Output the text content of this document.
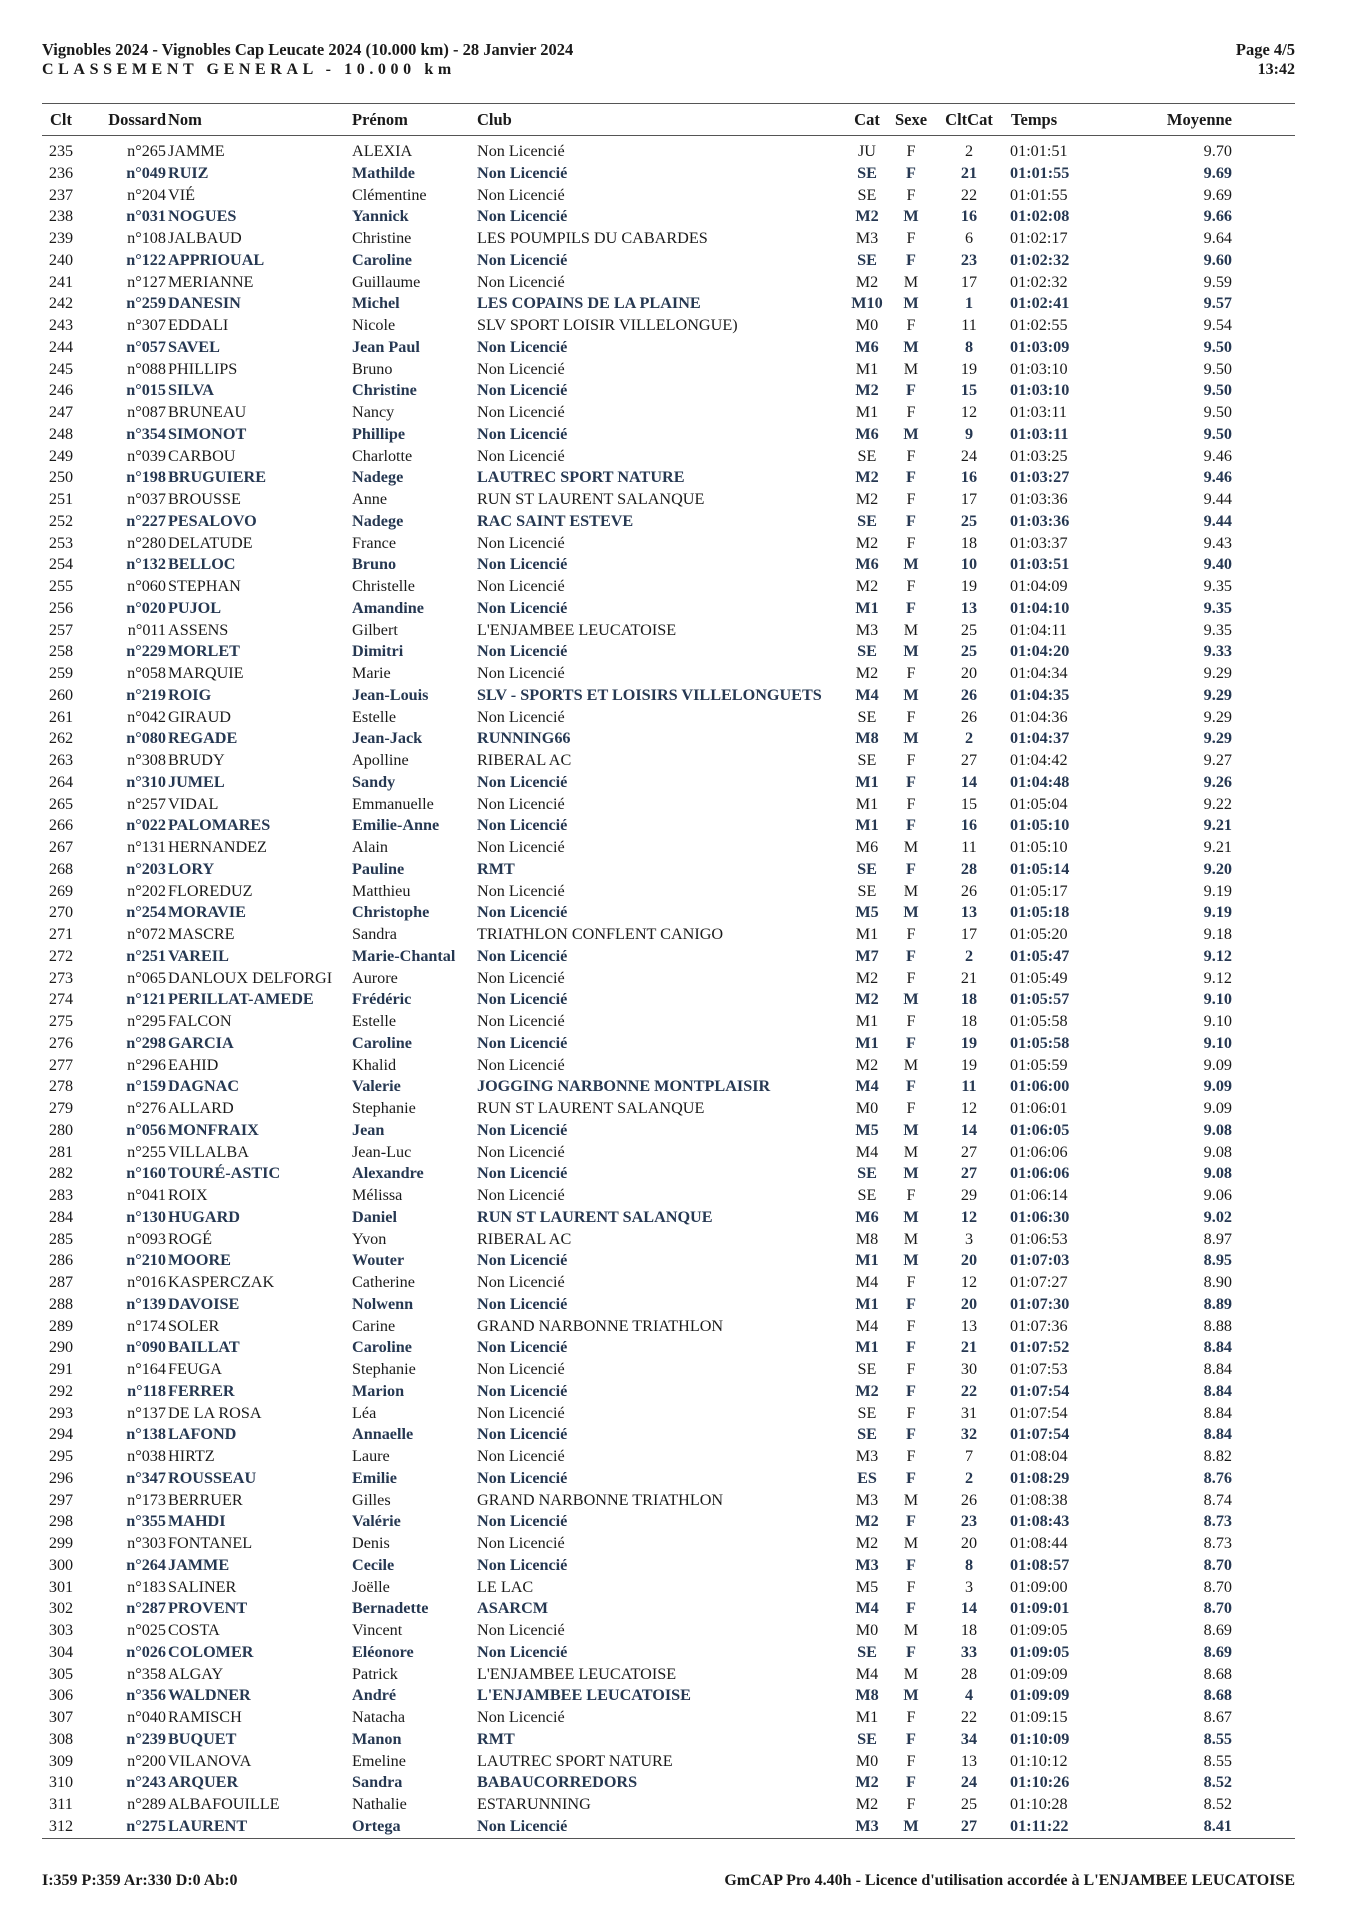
Vignobles 2024 - Vignobles Cap Leucate 2024 (10.000 km) - 28 Janvier 2024
CLASSEMENT GENERAL - 10.000 km
Page 4/5
13:42
Clt	Dossard Nom	Prénom	Club	Cat Sexe	CltCat	Temps	Moyenne
235	n°265 JAMME	ALEXIA	Non Licencié	JU	F	2	01:01:51	9.70
236	n°049 RUIZ	Mathilde	Non Licencié	SE	F	21	01:01:55	9.69
237	n°204 VIÉ	Clémentine	Non Licencié	SE	F	22	01:01:55	9.69
238	n°031 NOGUES	Yannick	Non Licencié	M2	M	16	01:02:08	9.66
239	n°108 JALBAUD	Christine	LES POUMPILS DU CABARDES	M3	F	6	01:02:17	9.64
240	n°122 APPRIOUAL	Caroline	Non Licencié	SE	F	23	01:02:32	9.60
241	n°127 MERIANNE	Guillaume	Non Licencié	M2	M	17	01:02:32	9.59
242	n°259 DANESIN	Michel	LES COPAINS DE LA PLAINE	M10	M	1	01:02:41	9.57
243	n°307 EDDALI	Nicole	SLV SPORT LOISIR VILLELONGUE)	M0	F	11	01:02:55	9.54
244	n°057 SAVEL	Jean Paul	Non Licencié	M6	M	8	01:03:09	9.50
245	n°088 PHILLIPS	Bruno	Non Licencié	M1	M	19	01:03:10	9.50
246	n°015 SILVA	Christine	Non Licencié	M2	F	15	01:03:10	9.50
247	n°087 BRUNEAU	Nancy	Non Licencié	M1	F	12	01:03:11	9.50
248	n°354 SIMONOT	Phillipe	Non Licencié	M6	M	9	01:03:11	9.50
249	n°039 CARBOU	Charlotte	Non Licencié	SE	F	24	01:03:25	9.46
250	n°198 BRUGUIERE	Nadege	LAUTREC SPORT NATURE	M2	F	16	01:03:27	9.46
251	n°037 BROUSSE	Anne	RUN ST LAURENT SALANQUE	M2	F	17	01:03:36	9.44
252	n°227 PESALOVO	Nadege	RAC SAINT ESTEVE	SE	F	25	01:03:36	9.44
253	n°280 DELATUDE	France	Non Licencié	M2	F	18	01:03:37	9.43
254	n°132 BELLOC	Bruno	Non Licencié	M6	M	10	01:03:51	9.40
255	n°060 STEPHAN	Christelle	Non Licencié	M2	F	19	01:04:09	9.35
256	n°020 PUJOL	Amandine	Non Licencié	M1	F	13	01:04:10	9.35
257	n°011 ASSENS	Gilbert	L'ENJAMBEE LEUCATOISE	M3	M	25	01:04:11	9.35
258	n°229 MORLET	Dimitri	Non Licencié	SE	M	25	01:04:20	9.33
259	n°058 MARQUIE	Marie	Non Licencié	M2	F	20	01:04:34	9.29
260	n°219 ROIG	Jean-Louis	SLV - SPORTS ET LOISIRS VILLELONGUETS	M4	M	26	01:04:35	9.29
261	n°042 GIRAUD	Estelle	Non Licencié	SE	F	26	01:04:36	9.29
262	n°080 REGADE	Jean-Jack	RUNNING66	M8	M	2	01:04:37	9.29
263	n°308 BRUDY	Apolline	RIBERAL AC	SE	F	27	01:04:42	9.27
264	n°310 JUMEL	Sandy	Non Licencié	M1	F	14	01:04:48	9.26
265	n°257 VIDAL	Emmanuelle	Non Licencié	M1	F	15	01:05:04	9.22
266	n°022 PALOMARES	Emilie-Anne	Non Licencié	M1	F	16	01:05:10	9.21
267	n°131 HERNANDEZ	Alain	Non Licencié	M6	M	11	01:05:10	9.21
268	n°203 LORY	Pauline	RMT	SE	F	28	01:05:14	9.20
269	n°202 FLOREDUZ	Matthieu	Non Licencié	SE	M	26	01:05:17	9.19
270	n°254 MORAVIE	Christophe	Non Licencié	M5	M	13	01:05:18	9.19
271	n°072 MASCRE	Sandra	TRIATHLON CONFLENT CANIGO	M1	F	17	01:05:20	9.18
272	n°251 VAREIL	Marie-Chantal	Non Licencié	M7	F	2	01:05:47	9.12
273	n°065 DANLOUX DELFORGI	Aurore	Non Licencié	M2	F	21	01:05:49	9.12
274	n°121 PERILLAT-AMEDE	Frédéric	Non Licencié	M2	M	18	01:05:57	9.10
275	n°295 FALCON	Estelle	Non Licencié	M1	F	18	01:05:58	9.10
276	n°298 GARCIA	Caroline	Non Licencié	M1	F	19	01:05:58	9.10
277	n°296 EAHID	Khalid	Non Licencié	M2	M	19	01:05:59	9.09
278	n°159 DAGNAC	Valerie	JOGGING NARBONNE MONTPLAISIR	M4	F	11	01:06:00	9.09
279	n°276 ALLARD	Stephanie	RUN ST LAURENT SALANQUE	M0	F	12	01:06:01	9.09
280	n°056 MONFRAIX	Jean	Non Licencié	M5	M	14	01:06:05	9.08
281	n°255 VILLALBA	Jean-Luc	Non Licencié	M4	M	27	01:06:06	9.08
282	n°160 TOURÉ-ASTIC	Alexandre	Non Licencié	SE	M	27	01:06:06	9.08
283	n°041 ROIX	Mélissa	Non Licencié	SE	F	29	01:06:14	9.06
284	n°130 HUGARD	Daniel	RUN ST LAURENT SALANQUE	M6	M	12	01:06:30	9.02
285	n°093 ROGÉ	Yvon	RIBERAL AC	M8	M	3	01:06:53	8.97
286	n°210 MOORE	Wouter	Non Licencié	M1	M	20	01:07:03	8.95
287	n°016 KASPERCZAK	Catherine	Non Licencié	M4	F	12	01:07:27	8.90
288	n°139 DAVOISE	Nolwenn	Non Licencié	M1	F	20	01:07:30	8.89
289	n°174 SOLER	Carine	GRAND NARBONNE TRIATHLON	M4	F	13	01:07:36	8.88
290	n°090 BAILLAT	Caroline	Non Licencié	M1	F	21	01:07:52	8.84
291	n°164 FEUGA	Stephanie	Non Licencié	SE	F	30	01:07:53	8.84
292	n°118 FERRER	Marion	Non Licencié	M2	F	22	01:07:54	8.84
293	n°137 DE LA ROSA	Léa	Non Licencié	SE	F	31	01:07:54	8.84
294	n°138 LAFOND	Annaelle	Non Licencié	SE	F	32	01:07:54	8.84
295	n°038 HIRTZ	Laure	Non Licencié	M3	F	7	01:08:04	8.82
296	n°347 ROUSSEAU	Emilie	Non Licencié	ES	F	2	01:08:29	8.76
297	n°173 BERRUER	Gilles	GRAND NARBONNE TRIATHLON	M3	M	26	01:08:38	8.74
298	n°355 MAHDI	Valérie	Non Licencié	M2	F	23	01:08:43	8.73
299	n°303 FONTANEL	Denis	Non Licencié	M2	M	20	01:08:44	8.73
300	n°264 JAMME	Cecile	Non Licencié	M3	F	8	01:08:57	8.70
301	n°183 SALINER	Joëlle	LE LAC	M5	F	3	01:09:00	8.70
302	n°287 PROVENT	Bernadette	ASARCM	M4	F	14	01:09:01	8.70
303	n°025 COSTA	Vincent	Non Licencié	M0	M	18	01:09:05	8.69
304	n°026 COLOMER	Eléonore	Non Licencié	SE	F	33	01:09:05	8.69
305	n°358 ALGAY	Patrick	L'ENJAMBEE LEUCATOISE	M4	M	28	01:09:09	8.68
306	n°356 WALDNER	André	L'ENJAMBEE LEUCATOISE	M8	M	4	01:09:09	8.68
307	n°040 RAMISCH	Natacha	Non Licencié	M1	F	22	01:09:15	8.67
308	n°239 BUQUET	Manon	RMT	SE	F	34	01:10:09	8.55
309	n°200 VILANOVA	Emeline	LAUTREC SPORT NATURE	M0	F	13	01:10:12	8.55
310	n°243 ARQUER	Sandra	BABAUCORREDORS	M2	F	24	01:10:26	8.52
311	n°289 ALBAFOUILLE	Nathalie	ESTARUNNING	M2	F	25	01:10:28	8.52
312	n°275 LAURENT	Ortega	Non Licencié	M3	M	27	01:11:22	8.41
I:359 P:359 Ar:330 D:0 Ab:0	GmCAP Pro 4.40h - Licence d'utilisation accordée à L'ENJAMBEE LEUCATOISE
